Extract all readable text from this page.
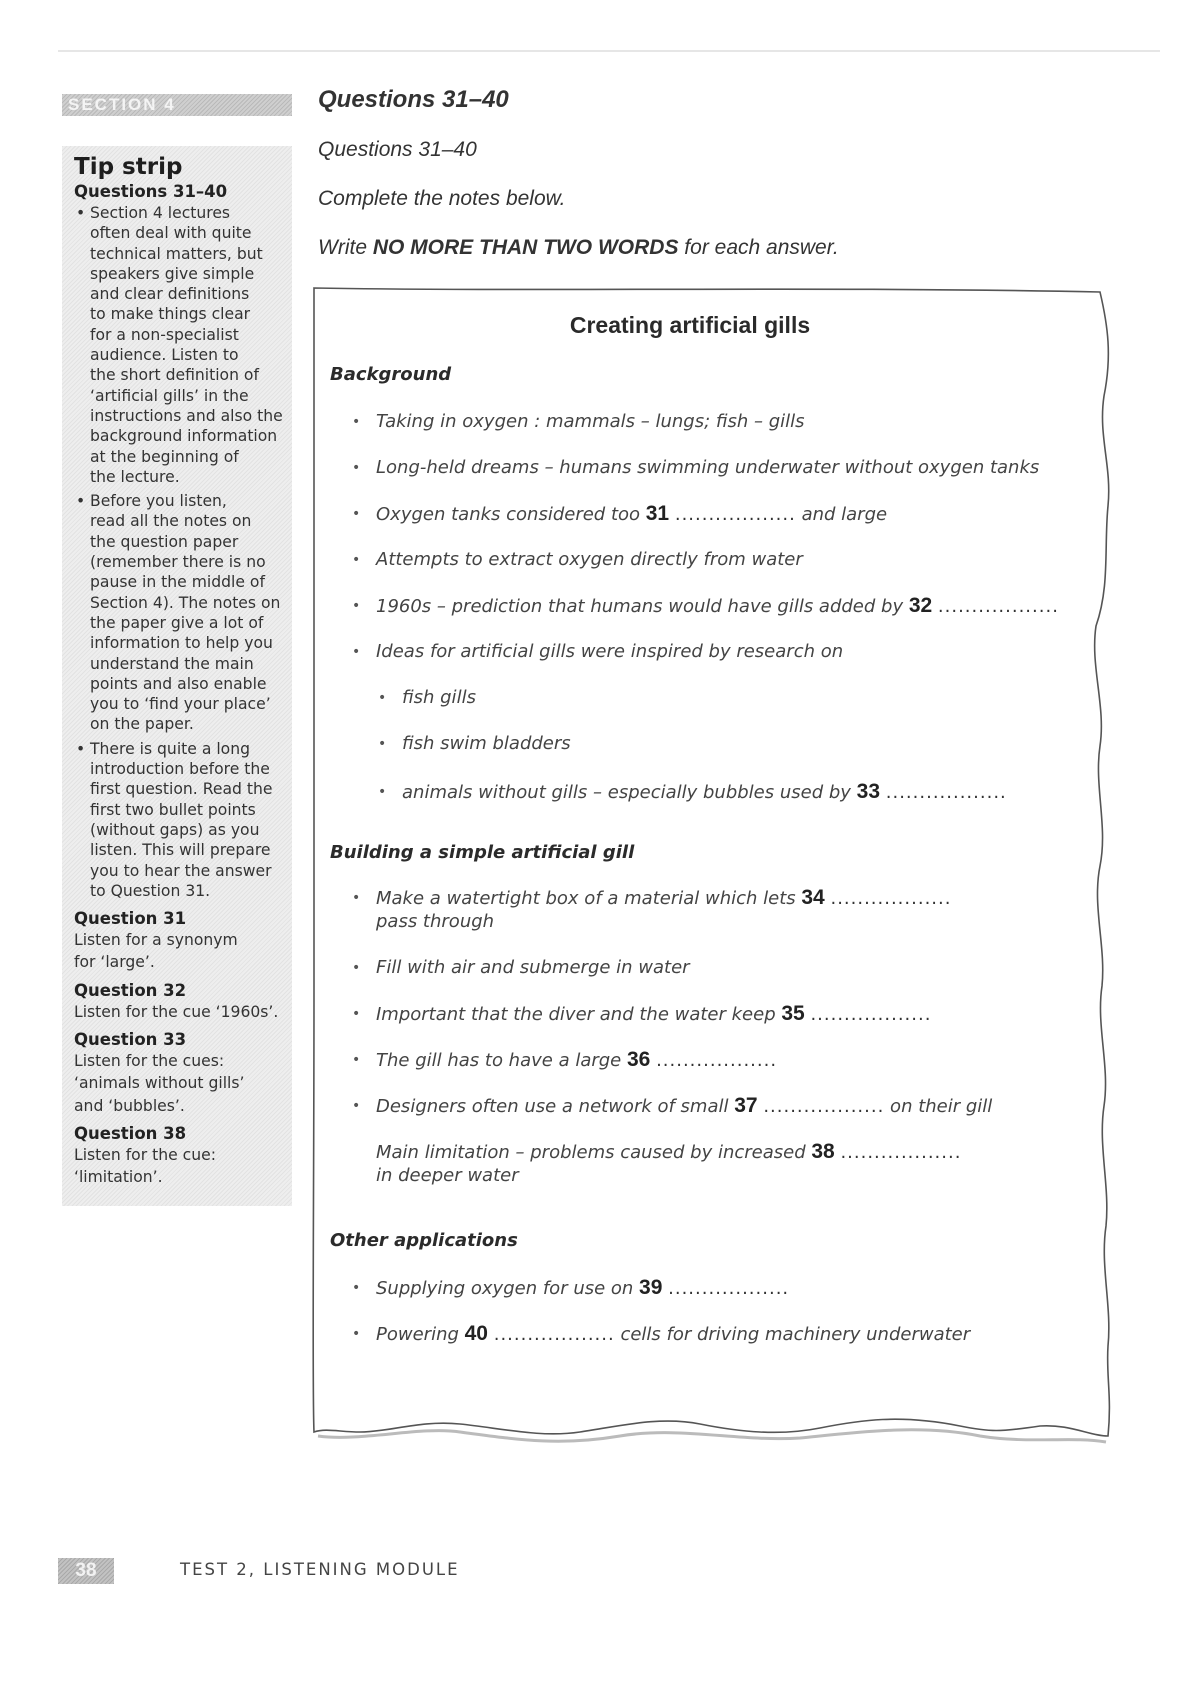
SECTION 4
Tip strip
Questions 31–40
• Section 4 lectures
often deal with quite
technical matters, but
speakers give simple
and clear definitions
to make things clear
for a non-specialist
audience. Listen to
the short definition of
‘artificial gills’ in the
instructions and also the
background information
at the beginning of
the lecture.
• Before you listen,
read all the notes on
the question paper
(remember there is no
pause in the middle of
Section 4). The notes on
the paper give a lot of
information to help you
understand the main
points and also enable
you to ‘find your place’
on the paper.
• There is quite a long
introduction before the
first question. Read the
first two bullet points
(without gaps) as you
listen. This will prepare
you to hear the answer
to Question 31.
Question 31
Listen for a synonym
for ‘large’.
Question 32
Listen for the cue ‘1960s’.
Question 33
Listen for the cues:
‘animals without gills’
and ‘bubbles’.
Question 38
Listen for the cue:
‘limitation’.
Questions 31–40
Questions 31–40
Complete the notes below.
Write NO MORE THAN TWO WORDS for each answer.
Creating artificial gills
Background
• Taking in oxygen : mammals – lungs; fish – gills
• Long-held dreams – humans swimming underwater without oxygen tanks
• Oxygen tanks considered too 31 .................. and large
• Attempts to extract oxygen directly from water
• 1960s – prediction that humans would have gills added by 32 ..................
• Ideas for artificial gills were inspired by research on
• fish gills
• fish swim bladders
• animals without gills – especially bubbles used by 33 ..................
Building a simple artificial gill
• Make a watertight box of a material which lets 34 ..................
pass through
• Fill with air and submerge in water
• Important that the diver and the water keep 35 ..................
• The gill has to have a large 36 ..................
• Designers often use a network of small 37 .................. on their gill
Main limitation – problems caused by increased 38 ..................
in deeper water
Other applications
• Supplying oxygen for use on 39 ..................
• Powering 40 .................. cells for driving machinery underwater
38	TEST 2, LISTENING MODULE
